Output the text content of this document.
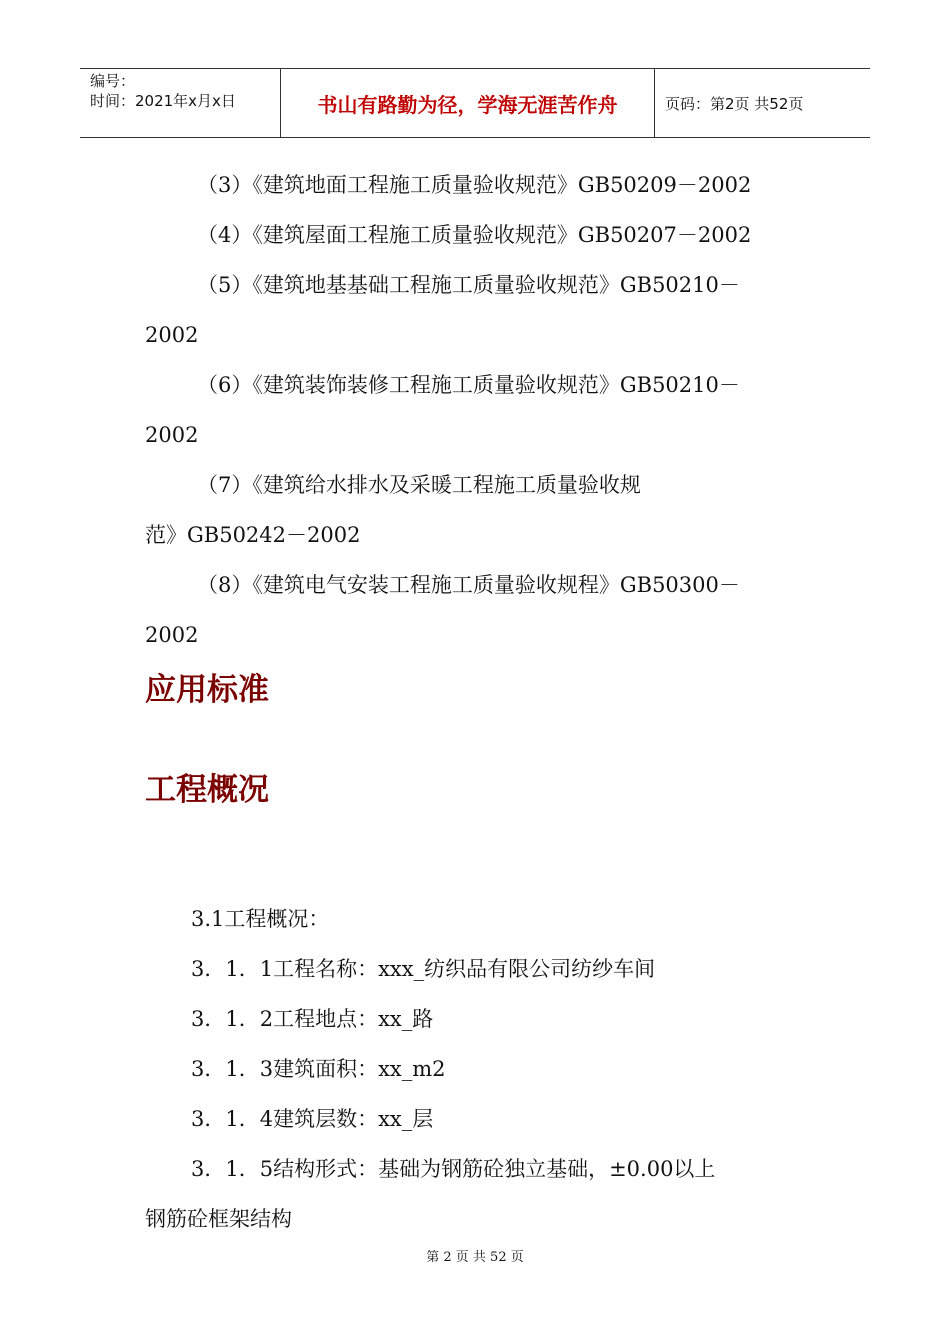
编号：
时间：2021年x月x日	书山有路勤为径，学海无涯苦作舟	页码：第2页 共52页

（3）《建筑地面工程施工质量验收规范》GB50209－2002

（4）《建筑屋面工程施工质量验收规范》GB50207－2002

（5）《建筑地基基础工程施工质量验收规范》GB50210－

2002

（6）《建筑装饰装修工程施工质量验收规范》GB50210－

2002

（7）《建筑给水排水及采暖工程施工质量验收规

范》GB50242－2002

（8）《建筑电气安装工程施工质量验收规程》GB50300－

2002

应用标准
工程概况

3.1工程概况：

3．1．1工程名称：xxx_纺织品有限公司纺纱车间

3．1．2工程地点：xx_路

3．1．3建筑面积：xx_m2

3．1．4建筑层数：xx_层

3．1．5结构形式：基础为钢筋砼独立基础，±0.00以上

钢筋砼框架结构

第 2 页 共 52 页
